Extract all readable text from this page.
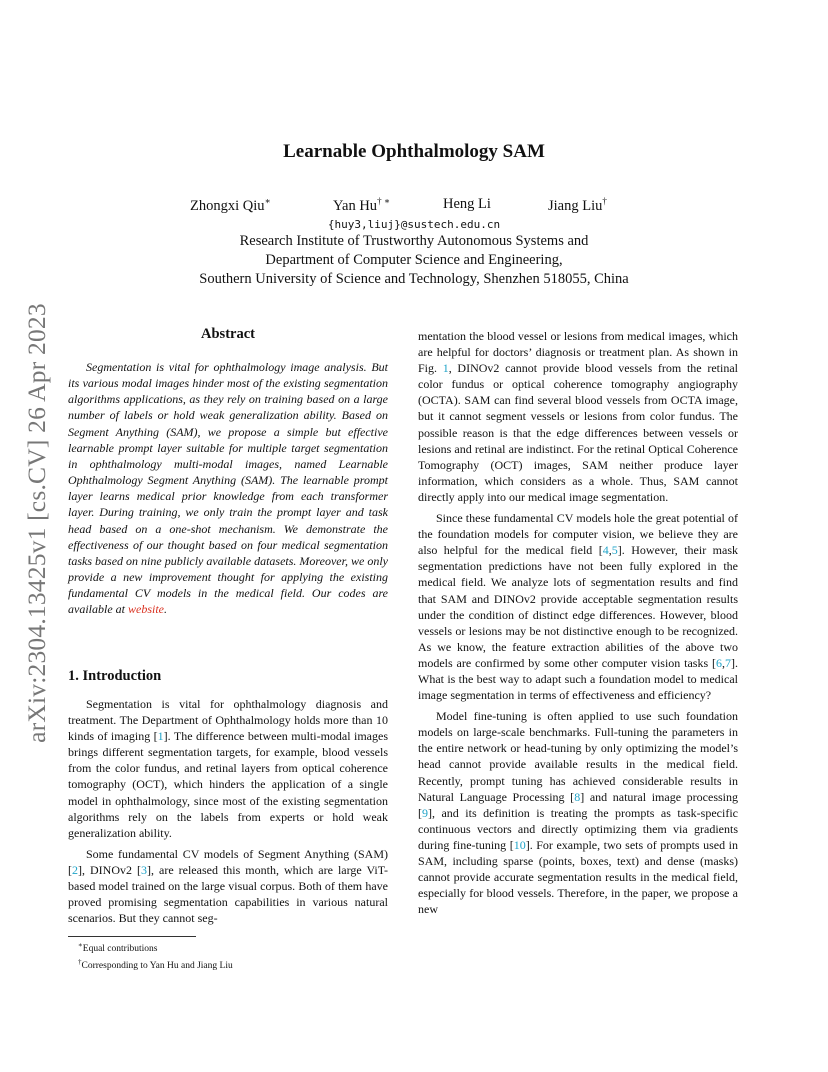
arXiv:2304.13425v1 [cs.CV] 26 Apr 2023
Learnable Ophthalmology SAM
Zhongxi Qiu∗	Yan Hu† ∗	Heng Li	Jiang Liu†
{huy3,liuj}@sustech.edu.cn
Research Institute of Trustworthy Autonomous Systems and
Department of Computer Science and Engineering,
Southern University of Science and Technology, Shenzhen 518055, China
Abstract

Segmentation is vital for ophthalmology image analysis. But its various modal images hinder most of the existing segmentation algorithms applications, as they rely on training based on a large number of labels or hold weak generalization ability. Based on Segment Anything (SAM), we propose a simple but effective learnable prompt layer suitable for multiple target segmentation in ophthalmology multi-modal images, named Learnable Ophthalmology Segment Anything (SAM). The learnable prompt layer learns medical prior knowledge from each transformer layer. During training, we only train the prompt layer and task head based on a one-shot mechanism. We demonstrate the effectiveness of our thought based on four medical segmentation tasks based on nine publicly available datasets. Moreover, we only provide a new improvement thought for applying the existing fundamental CV models in the medical field. Our codes are available at website.

1. Introduction

Segmentation is vital for ophthalmology diagnosis and treatment. The Department of Ophthalmology holds more than 10 kinds of imaging [1]. The difference between multi-modal images brings different segmentation targets, for example, blood vessels from the color fundus, and retinal layers from optical coherence tomography (OCT), which hinders the application of a single model in ophthalmology, since most of the existing segmentation algorithms rely on the labels from experts or hold weak generalization ability.

Some fundamental CV models of Segment Anything (SAM) [2], DINOv2 [3], are released this month, which are large ViT-based model trained on the large visual corpus. Both of them have proved promising segmentation capabilities in various natural scenarios. But they cannot seg-

mentation the blood vessel or lesions from medical images, which are helpful for doctors’ diagnosis or treatment plan. As shown in Fig. 1, DINOv2 cannot provide blood vessels from the retinal color fundus or optical coherence tomography angiography (OCTA). SAM can find several blood vessels from OCTA image, but it cannot segment vessels or lesions from color fundus. The possible reason is that the edge differences between vessels or lesions and retinal are indistinct. For the retinal Optical Coherence Tomography (OCT) images, SAM neither produce layer information, which considers as a whole. Thus, SAM cannot directly apply into our medical image segmentation.

Since these fundamental CV models hole the great potential of the foundation models for computer vision, we believe they are also helpful for the medical field [4,5]. However, their mask segmentation predictions have not been fully explored in the medical field. We analyze lots of segmentation results and find that SAM and DINOv2 provide acceptable segmentation results under the condition of distinct edge differences. However, blood vessels or lesions may be not distinctive enough to be recognized. As we know, the feature extraction abilities of the above two models are confirmed by some other computer vision tasks [6,7]. What is the best way to adapt such a foundation model to medical image segmentation in terms of effectiveness and efficiency?

Model fine-tuning is often applied to use such foundation models on large-scale benchmarks. Full-tuning the parameters in the entire network or head-tuning by only optimizing the model’s head cannot provide available results in the medical field. Recently, prompt tuning has achieved considerable results in Natural Language Processing [8] and natural image processing [9], and its definition is treating the prompts as task-specific continuous vectors and directly optimizing them via gradients during fine-tuning [10]. For example, two sets of prompts used in SAM, including sparse (points, boxes, text) and dense (masks) cannot provide accurate segmentation results in the medical field, especially for blood vessels. Therefore, in the paper, we propose a new

∗Equal contributions
†Corresponding to Yan Hu and Jiang Liu
